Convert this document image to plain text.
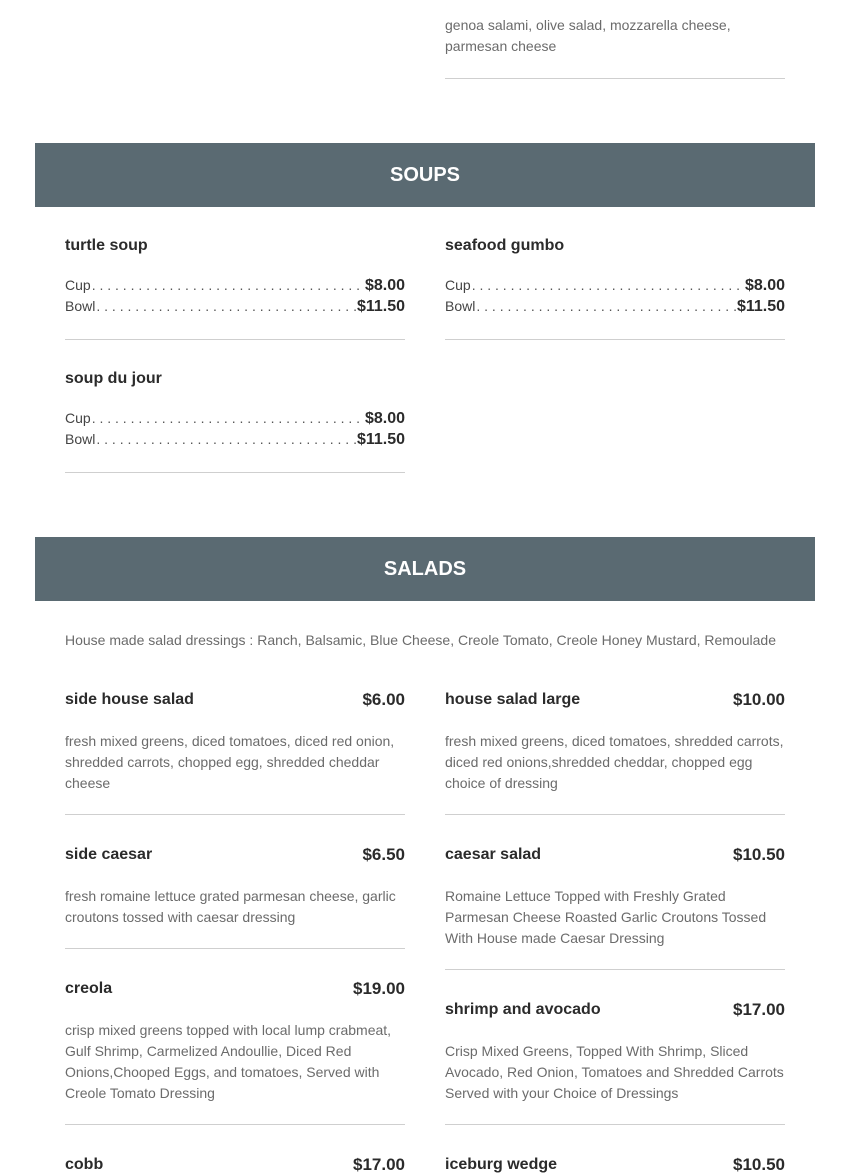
genoa salami, olive salad, mozzarella cheese,
parmesan cheese
SOUPS
turtle soup
Cup . . .	$8.00
Bowl . . .	$11.50
seafood gumbo
Cup . . .	$8.00
Bowl . . .	$11.50
soup du jour
Cup . . .	$8.00
Bowl . . .	$11.50
SALADS
House made salad dressings : Ranch, Balsamic, Blue Cheese, Creole Tomato, Creole Honey Mustard, Remoulade
side house salad	$6.00
fresh mixed greens, diced tomatoes, diced red onion,
shredded carrots, chopped egg, shredded cheddar
cheese
house salad large	$10.00
fresh mixed greens, diced tomatoes, shredded carrots,
diced red onions,shredded cheddar, chopped egg
choice of dressing
side caesar	$6.50
fresh romaine lettuce grated parmesan cheese, garlic
croutons tossed with caesar dressing
caesar salad	$10.50
Romaine Lettuce Topped with Freshly Grated
Parmesan Cheese Roasted Garlic Croutons Tossed
With House made Caesar Dressing
creola	$19.00
crisp mixed greens topped with local lump crabmeat,
Gulf Shrimp, Carmelized Andoullie, Diced Red
Onions,Chooped Eggs, and tomatoes, Served with
Creole Tomato Dressing
shrimp and avocado	$17.00
Crisp Mixed Greens, Topped With Shrimp, Sliced
Avocado, Red Onion, Tomatoes and Shredded Carrots
Served with your Choice of Dressings
cobb	$17.00	iceburg wedge	$10.50
